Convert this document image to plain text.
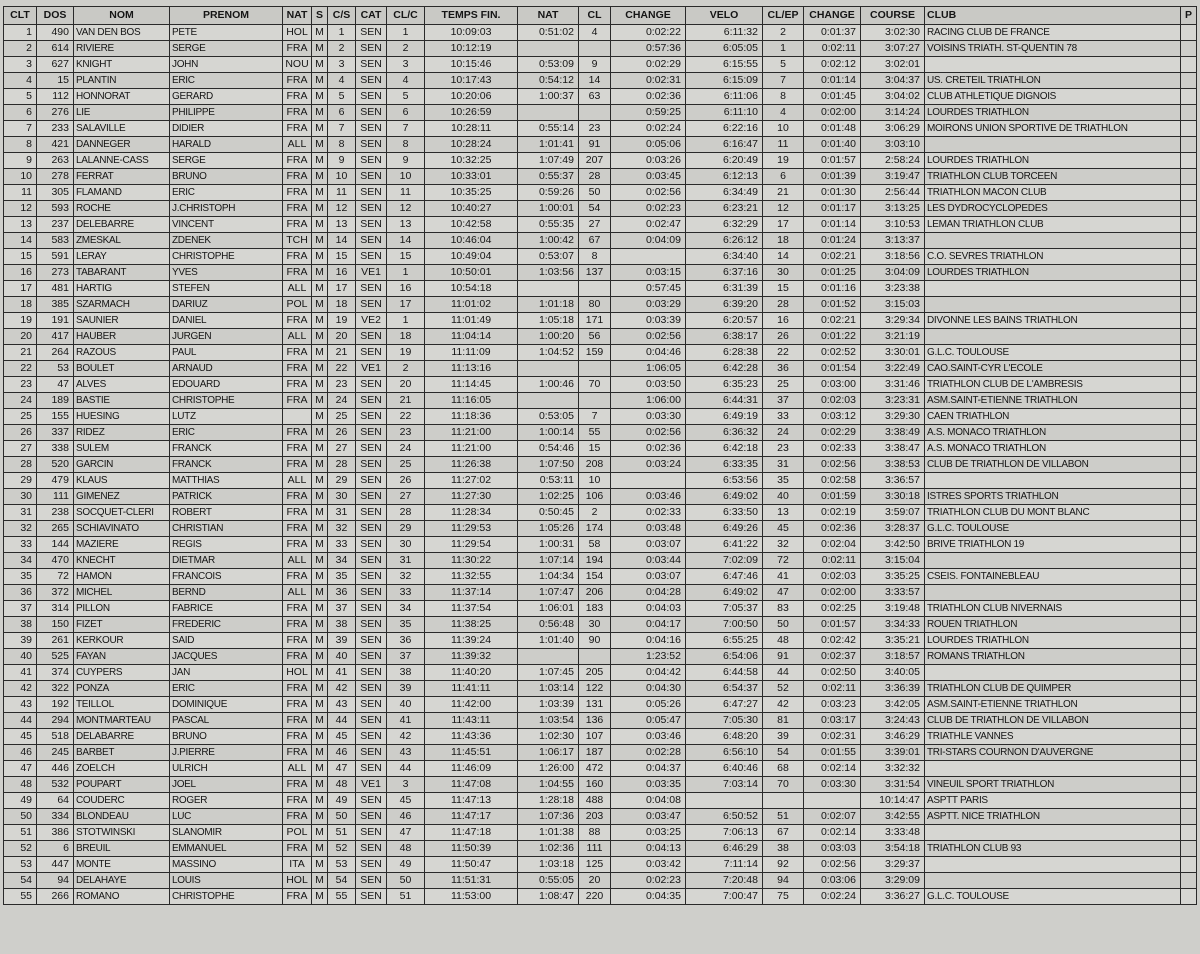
CLT	DOS	NOM	PRENOM	NAT	S	C/S	CAT	CL/C	TEMPS FIN.	NAT	CL	CHANGE	VELO	CL/EP	CHANGE	COURSE	CLUB	P
1	490	VAN DEN BOS	PETE	HOL	M	1	SEN	1	10:09:03	0:51:02	4	0:02:22	6:11:32	2	0:01:37	3:02:30	RACING CLUB DE FRANCE	
2	614	RIVIERE	SERGE	FRA	M	2	SEN	2	10:12:19			0:57:36	6:05:05	1	0:02:11	3:07:27	VOISINS TRIATH. ST-QUENTIN 78	
3	627	KNIGHT	JOHN	NOU	M	3	SEN	3	10:15:46	0:53:09	9	0:02:29	6:15:55	5	0:02:12	3:02:01		
4	15	PLANTIN	ERIC	FRA	M	4	SEN	4	10:17:43	0:54:12	14	0:02:31	6:15:09	7	0:01:14	3:04:37	US. CRETEIL TRIATHLON	
5	112	HONNORAT	GERARD	FRA	M	5	SEN	5	10:20:06	1:00:37	63	0:02:36	6:11:06	8	0:01:45	3:04:02	CLUB ATHLETIQUE DIGNOIS	
6	276	LIE	PHILIPPE	FRA	M	6	SEN	6	10:26:59			0:59:25	6:11:10	4	0:02:00	3:14:24	LOURDES TRIATHLON	
7	233	SALAVILLE	DIDIER	FRA	M	7	SEN	7	10:28:11	0:55:14	23	0:02:24	6:22:16	10	0:01:48	3:06:29	MOIRONS UNION SPORTIVE DE TRIATHLON	
8	421	DANNEGER	HARALD	ALL	M	8	SEN	8	10:28:24	1:01:41	91	0:05:06	6:16:47	11	0:01:40	3:03:10		
9	263	LALANNE-CASS	SERGE	FRA	M	9	SEN	9	10:32:25	1:07:49	207	0:03:26	6:20:49	19	0:01:57	2:58:24	LOURDES TRIATHLON	
10	278	FERRAT	BRUNO	FRA	M	10	SEN	10	10:33:01	0:55:37	28	0:03:45	6:12:13	6	0:01:39	3:19:47	TRIATHLON CLUB TORCEEN	
11	305	FLAMAND	ERIC	FRA	M	11	SEN	11	10:35:25	0:59:26	50	0:02:56	6:34:49	21	0:01:30	2:56:44	TRIATHLON MACON CLUB	
12	593	ROCHE	J.CHRISTOPH	FRA	M	12	SEN	12	10:40:27	1:00:01	54	0:02:23	6:23:21	12	0:01:17	3:13:25	LES DYDROCYCLOPEDES	
13	237	DELEBARRE	VINCENT	FRA	M	13	SEN	13	10:42:58	0:55:35	27	0:02:47	6:32:29	17	0:01:14	3:10:53	LEMAN TRIATHLON CLUB	
14	583	ZMESKAL	ZDENEK	TCH	M	14	SEN	14	10:46:04	1:00:42	67	0:04:09	6:26:12	18	0:01:24	3:13:37		
15	591	LERAY	CHRISTOPHE	FRA	M	15	SEN	15	10:49:04	0:53:07	8		6:34:40	14	0:02:21	3:18:56	C.O. SEVRES TRIATHLON	
16	273	TABARANT	YVES	FRA	M	16	VE1	1	10:50:01	1:03:56	137	0:03:15	6:37:16	30	0:01:25	3:04:09	LOURDES TRIATHLON	
17	481	HARTIG	STEFEN	ALL	M	17	SEN	16	10:54:18			0:57:45	6:31:39	15	0:01:16	3:23:38		
18	385	SZARMACH	DARIUZ	POL	M	18	SEN	17	11:01:02	1:01:18	80	0:03:29	6:39:20	28	0:01:52	3:15:03		
19	191	SAUNIER	DANIEL	FRA	M	19	VE2	1	11:01:49	1:05:18	171	0:03:39	6:20:57	16	0:02:21	3:29:34	DIVONNE LES BAINS TRIATHLON	
20	417	HAUBER	JURGEN	ALL	M	20	SEN	18	11:04:14	1:00:20	56	0:02:56	6:38:17	26	0:01:22	3:21:19		
21	264	RAZOUS	PAUL	FRA	M	21	SEN	19	11:11:09	1:04:52	159	0:04:46	6:28:38	22	0:02:52	3:30:01	G.L.C. TOULOUSE	
22	53	BOULET	ARNAUD	FRA	M	22	VE1	2	11:13:16			1:06:05	6:42:28	36	0:01:54	3:22:49	CAO.SAINT-CYR L'ECOLE	
23	47	ALVES	EDOUARD	FRA	M	23	SEN	20	11:14:45	1:00:46	70	0:03:50	6:35:23	25	0:03:00	3:31:46	TRIATHLON CLUB DE L'AMBRESIS	
24	189	BASTIE	CHRISTOPHE	FRA	M	24	SEN	21	11:16:05			1:06:00	6:44:31	37	0:02:03	3:23:31	ASM.SAINT-ETIENNE TRIATHLON	
25	155	HUESING	LUTZ		M	25	SEN	22	11:18:36	0:53:05	7	0:03:30	6:49:19	33	0:03:12	3:29:30	CAEN TRIATHLON	
26	337	RIDEZ	ERIC	FRA	M	26	SEN	23	11:21:00	1:00:14	55	0:02:56	6:36:32	24	0:02:29	3:38:49	A.S. MONACO TRIATHLON	
27	338	SULEM	FRANCK	FRA	M	27	SEN	24	11:21:00	0:54:46	15	0:02:36	6:42:18	23	0:02:33	3:38:47	A.S. MONACO TRIATHLON	
28	520	GARCIN	FRANCK	FRA	M	28	SEN	25	11:26:38	1:07:50	208	0:03:24	6:33:35	31	0:02:56	3:38:53	CLUB DE TRIATHLON DE VILLABON	
29	479	KLAUS	MATTHIAS	ALL	M	29	SEN	26	11:27:02	0:53:11	10		6:53:56	35	0:02:58	3:36:57		
30	111	GIMENEZ	PATRICK	FRA	M	30	SEN	27	11:27:30	1:02:25	106	0:03:46	6:49:02	40	0:01:59	3:30:18	ISTRES SPORTS TRIATHLON	
31	238	SOCQUET-CLERI	ROBERT	FRA	M	31	SEN	28	11:28:34	0:50:45	2	0:02:33	6:33:50	13	0:02:19	3:59:07	TRIATHLON CLUB DU MONT BLANC	
32	265	SCHIAVINATO	CHRISTIAN	FRA	M	32	SEN	29	11:29:53	1:05:26	174	0:03:48	6:49:26	45	0:02:36	3:28:37	G.L.C. TOULOUSE	
33	144	MAZIERE	REGIS	FRA	M	33	SEN	30	11:29:54	1:00:31	58	0:03:07	6:41:22	32	0:02:04	3:42:50	BRIVE TRIATHLON 19	
34	470	KNECHT	DIETMAR	ALL	M	34	SEN	31	11:30:22	1:07:14	194	0:03:44	7:02:09	72	0:02:11	3:15:04		
35	72	HAMON	FRANCOIS	FRA	M	35	SEN	32	11:32:55	1:04:34	154	0:03:07	6:47:46	41	0:02:03	3:35:25	CSEIS. FONTAINEBLEAU	
36	372	MICHEL	BERND	ALL	M	36	SEN	33	11:37:14	1:07:47	206	0:04:28	6:49:02	47	0:02:00	3:33:57		
37	314	PILLON	FABRICE	FRA	M	37	SEN	34	11:37:54	1:06:01	183	0:04:03	7:05:37	83	0:02:25	3:19:48	TRIATHLON CLUB NIVERNAIS	
38	150	FIZET	FREDERIC	FRA	M	38	SEN	35	11:38:25	0:56:48	30	0:04:17	7:00:50	50	0:01:57	3:34:33	ROUEN TRIATHLON	
39	261	KERKOUR	SAID	FRA	M	39	SEN	36	11:39:24	1:01:40	90	0:04:16	6:55:25	48	0:02:42	3:35:21	LOURDES TRIATHLON	
40	525	FAYAN	JACQUES	FRA	M	40	SEN	37	11:39:32			1:23:52	6:54:06	91	0:02:37	3:18:57	ROMANS TRIATHLON	
41	374	CUYPERS	JAN	HOL	M	41	SEN	38	11:40:20	1:07:45	205	0:04:42	6:44:58	44	0:02:50	3:40:05		
42	322	PONZA	ERIC	FRA	M	42	SEN	39	11:41:11	1:03:14	122	0:04:30	6:54:37	52	0:02:11	3:36:39	TRIATHLON CLUB DE QUIMPER	
43	192	TEILLOL	DOMINIQUE	FRA	M	43	SEN	40	11:42:00	1:03:39	131	0:05:26	6:47:27	42	0:03:23	3:42:05	ASM.SAINT-ETIENNE TRIATHLON	
44	294	MONTMARTEAU	PASCAL	FRA	M	44	SEN	41	11:43:11	1:03:54	136	0:05:47	7:05:30	81	0:03:17	3:24:43	CLUB DE TRIATHLON DE VILLABON	
45	518	DELABARRE	BRUNO	FRA	M	45	SEN	42	11:43:36	1:02:30	107	0:03:46	6:48:20	39	0:02:31	3:46:29	TRIATHLE VANNES	
46	245	BARBET	J.PIERRE	FRA	M	46	SEN	43	11:45:51	1:06:17	187	0:02:28	6:56:10	54	0:01:55	3:39:01	TRI-STARS COURNON D'AUVERGNE	
47	446	ZOELCH	ULRICH	ALL	M	47	SEN	44	11:46:09	1:26:00	472	0:04:37	6:40:46	68	0:02:14	3:32:32		
48	532	POUPART	JOEL	FRA	M	48	VE1	3	11:47:08	1:04:55	160	0:03:35	7:03:14	70	0:03:30	3:31:54	VINEUIL SPORT TRIATHLON	
49	64	COUDERC	ROGER	FRA	M	49	SEN	45	11:47:13	1:28:18	488	0:04:08				10:14:47	ASPTT PARIS	
50	334	BLONDEAU	LUC	FRA	M	50	SEN	46	11:47:17	1:07:36	203	0:03:47	6:50:52	51	0:02:07	3:42:55	ASPTT. NICE TRIATHLON	
51	386	STOTWINSKI	SLANOMIR	POL	M	51	SEN	47	11:47:18	1:01:38	88	0:03:25	7:06:13	67	0:02:14	3:33:48		
52	6	BREUIL	EMMANUEL	FRA	M	52	SEN	48	11:50:39	1:02:36	111	0:04:13	6:46:29	38	0:03:03	3:54:18	TRIATHLON CLUB 93	
53	447	MONTE	MASSINO	ITA	M	53	SEN	49	11:50:47	1:03:18	125	0:03:42	7:11:14	92	0:02:56	3:29:37		
54	94	DELAHAYE	LOUIS	HOL	M	54	SEN	50	11:51:31	0:55:05	20	0:02:23	7:20:48	94	0:03:06	3:29:09		
55	266	ROMANO	CHRISTOPHE	FRA	M	55	SEN	51	11:53:00	1:08:47	220	0:04:35	7:00:47	75	0:02:24	3:36:27	G.L.C. TOULOUSE	
